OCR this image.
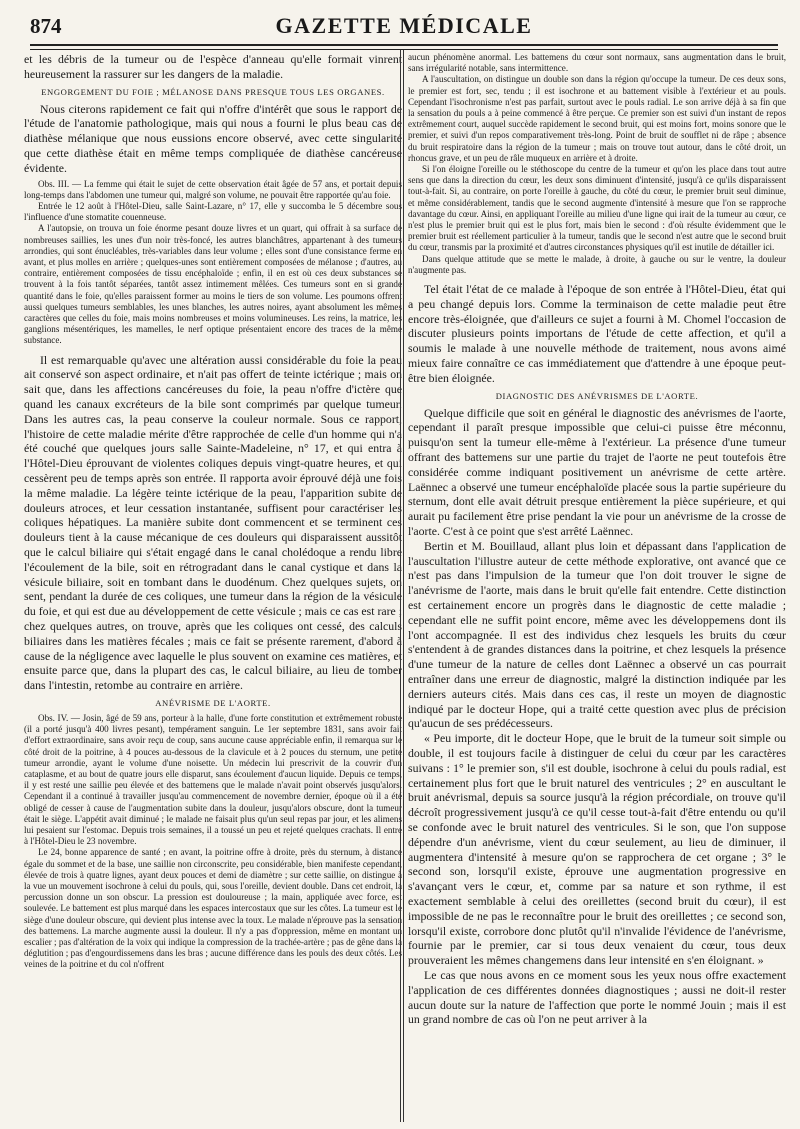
874	GAZETTE MÉDICALE

et les débris de la tumeur ou de l'espèce d'anneau qu'elle formait vinrent heureusement la rassurer sur les dangers de la maladie.

ENGORGEMENT DU FOIE ; MÉLANOSE DANS PRESQUE TOUS LES ORGANES.

Nous citerons rapidement ce fait qui n'offre d'intérêt que sous le rapport de l'étude de l'anatomie pathologique, mais qui nous a fourni le plus beau cas de diathèse mélanique que nous eussions encore observé, avec cette singularité que cette diathèse était en même temps compliquée de diathèse cancéreuse évidente.

Obs. III. — La femme qui était le sujet de cette observation était âgée de 57 ans, et portait depuis long-temps dans l'abdomen une tumeur qui, malgré son volume, ne pouvait être rapportée qu'au foie.

Entrée le 12 août à l'Hôtel-Dieu, salle Saint-Lazare, n° 17, elle y succomba le 5 décembre sous l'influence d'une stomatite couenneuse.

A l'autopsie, on trouva un foie énorme pesant douze livres et un quart, qui offrait à sa surface de nombreuses saillies, les unes d'un noir très-foncé, les autres blanchâtres, appartenant à des tumeurs arrondies, qui sont énucléables, très-variables dans leur volume ; elles sont d'une consistance ferme en avant, et plus molles en arrière ; quelques-unes sont entièrement composées de mélanose ; d'autres, au contraire, entièrement composées de tissu encéphaloïde ; enfin, il en est où ces deux substances se trouvent à la fois tantôt séparées, tantôt assez intimement mêlées. Ces tumeurs sont en si grande quantité dans le foie, qu'elles paraissent former au moins le tiers de son volume. Les poumons offrent aussi quelques tumeurs semblables, les unes blanches, les autres noires, ayant absolument les mêmes caractères que celles du foie, mais moins nombreuses et moins volumineuses. Les reins, la matrice, les ganglions mésentériques, les mamelles, le nerf optique présentaient encore des traces de la même substance.

Il est remarquable qu'avec une altération aussi considérable du foie la peau ait conservé son aspect ordinaire, et n'ait pas offert de teinte ictérique ; mais on sait que, dans les affections cancéreuses du foie, la peau n'offre d'ictère que quand les canaux excréteurs de la bile sont comprimés par quelque tumeur. Dans les autres cas, la peau conserve la couleur normale. Sous ce rapport, l'histoire de cette maladie mérite d'être rapprochée de celle d'un homme qui n'a été couché que quelques jours salle Sainte-Madeleine, n° 17, et qui entra à l'Hôtel-Dieu éprouvant de violentes coliques depuis vingt-quatre heures, et qui cessèrent peu de temps après son entrée. Il rapporta avoir éprouvé déjà une fois la même maladie. La légère teinte ictérique de la peau, l'apparition subite de douleurs atroces, et leur cessation instantanée, suffisent pour caractériser les coliques hépatiques. La manière subite dont commencent et se terminent ces douleurs tient à la cause mécanique de ces douleurs qui disparaissent aussitôt que le calcul biliaire qui s'était engagé dans le canal cholédoque a rendu libre l'écoulement de la bile, soit en rétrogradant dans le canal cystique et dans la vésicule biliaire, soit en tombant dans le duodénum. Chez quelques sujets, on sent, pendant la durée de ces coliques, une tumeur dans la région de la vésicule du foie, et qui est due au développement de cette vésicule ; mais ce cas est rare ; chez quelques autres, on trouve, après que les coliques ont cessé, des calculs biliaires dans les matières fécales ; mais ce fait se présente rarement, d'abord à cause de la négligence avec laquelle le plus souvent on examine ces matières, et ensuite parce que, dans la plupart des cas, le calcul biliaire, au lieu de tomber dans l'intestin, retombe au contraire en arrière.

ANÉVRISME DE L'AORTE.

Obs. IV. — Josin, âgé de 59 ans, porteur à la halle, d'une forte constitution et extrêmement robuste (il a porté jusqu'à 400 livres pesant), tempérament sanguin. Le 1er septembre 1831, sans avoir fait d'effort extraordinaire, sans avoir reçu de coup, sans aucune cause appréciable enfin, il remarqua sur le côté droit de la poitrine, à 4 pouces au-dessous de la clavicule et à 2 pouces du sternum, une petite tumeur arrondie, ayant le volume d'une noisette. Un médecin lui prescrivit de la couvrir d'un cataplasme, et au bout de quatre jours elle disparut, sans écoulement d'aucun liquide. Depuis ce temps, il y est resté une saillie peu élevée et des battemens que le malade n'avait point observés jusqu'alors. Cependant il a continué à travailler jusqu'au commencement de novembre dernier, époque où il a été obligé de cesser à cause de l'augmentation subite dans la douleur, jusqu'alors obscure, dont la tumeur était le siège. L'appétit avait diminué ; le malade ne faisait plus qu'un seul repas par jour, et les alimens lui pesaient sur l'estomac. Depuis trois semaines, il a toussé un peu et rejeté quelques crachats. Il entre à l'Hôtel-Dieu le 23 novembre.

Le 24, bonne apparence de santé ; en avant, la poitrine offre à droite, près du sternum, à distance égale du sommet et de la base, une saillie non circonscrite, peu considérable, bien manifeste cependant, élevée de trois à quatre lignes, ayant deux pouces et demi de diamètre ; sur cette saillie, on distingue à la vue un mouvement isochrone à celui du pouls, qui, sous l'oreille, devient double. Dans cet endroit, la percussion donne un son obscur. La pression est douloureuse ; la main, appliquée avec force, est soulevée. Le battement est plus marqué dans les espaces intercostaux que sur les côtes. La tumeur est le siège d'une douleur obscure, qui devient plus intense avec la toux. Le malade n'éprouve pas la sensation des battemens. La marche augmente aussi la douleur. Il n'y a pas d'oppression, même en montant un escalier ; pas d'altération de la voix qui indique la compression de la trachée-artère ; pas de gêne dans la déglutition ; pas d'engourdissemens dans les bras ; aucune différence dans les pouls des deux côtés. Les veines de la poitrine et du col n'offrent

aucun phénomène anormal. Les battemens du cœur sont normaux, sans augmentation dans le bruit, sans irrégularité notable, sans intermittence.

A l'auscultation, on distingue un double son dans la région qu'occupe la tumeur. De ces deux sons, le premier est fort, sec, tendu ; il est isochrone et au battement visible à l'extérieur et au pouls. Cependant l'isochronisme n'est pas parfait, surtout avec le pouls radial. Le son arrive déjà à sa fin que la sensation du pouls a à peine commencé à être perçue. Ce premier son est suivi d'un instant de repos extrêmement court, auquel succède rapidement le second bruit, qui est moins fort, moins sonore que le premier, et suivi d'un repos comparativement très-long. Point de bruit de soufflet ni de râpe ; absence du bruit respiratoire dans la région de la tumeur ; mais on trouve tout autour, dans le côté droit, un rhoncus grave, et un peu de râle muqueux en arrière et à droite.

Si l'on éloigne l'oreille ou le stéthoscope du centre de la tumeur et qu'on les place dans tout autre sens que dans la direction du cœur, les deux sons diminuent d'intensité, jusqu'à ce qu'ils disparaissent tout-à-fait. Si, au contraire, on porte l'oreille à gauche, du côté du cœur, le premier bruit seul diminue, et même considérablement, tandis que le second augmente d'intensité à mesure que l'on se rapproche davantage du cœur. Ainsi, en appliquant l'oreille au milieu d'une ligne qui irait de la tumeur au cœur, ce n'est plus le premier bruit qui est le plus fort, mais bien le second : d'où résulte évidemment que le premier bruit est réellement particulier à la tumeur, tandis que le second n'est autre que le second bruit du cœur, transmis par la proximité et d'autres circonstances physiques qu'il est inutile de détailler ici.

Dans quelque attitude que se mette le malade, à droite, à gauche ou sur le ventre, la douleur n'augmente pas.

Tel était l'état de ce malade à l'époque de son entrée à l'Hôtel-Dieu, état qui a peu changé depuis lors. Comme la terminaison de cette maladie peut être encore très-éloignée, que d'ailleurs ce sujet a fourni à M. Chomel l'occasion de discuter plusieurs points importans de l'étude de cette affection, et qu'il a soumis le malade à une nouvelle méthode de traitement, nous avons aimé mieux faire connaître ce cas immédiatement que d'attendre à une époque peut-être bien éloignée.

DIAGNOSTIC DES ANÉVRISMES DE L'AORTE.

Quelque difficile que soit en général le diagnostic des anévrismes de l'aorte, cependant il paraît presque impossible que celui-ci puisse être méconnu, puisqu'on sent la tumeur elle-même à l'extérieur. La présence d'une tumeur offrant des battemens sur une partie du trajet de l'aorte ne peut toutefois être considérée comme indiquant positivement un anévrisme de cette artère. Laënnec a observé une tumeur encéphaloïde placée sous la partie supérieure du sternum, dont elle avait détruit presque entièrement la pièce supérieure, et qui aurait pu facilement être prise pendant la vie pour un anévrisme de la crosse de l'aorte. C'est à ce point que s'est arrêté Laënnec.

Bertin et M. Bouillaud, allant plus loin et dépassant dans l'application de l'auscultation l'illustre auteur de cette méthode explorative, ont avancé que ce n'est pas dans l'impulsion de la tumeur que l'on doit trouver le signe de l'anévrisme de l'aorte, mais dans le bruit qu'elle fait entendre. Cette distinction est certainement encore un progrès dans le diagnostic de cette maladie ; cependant elle ne suffit point encore, même avec les développemens dont ils l'ont accompagnée. Il est des individus chez lesquels les bruits du cœur s'entendent à de grandes distances dans la poitrine, et chez lesquels la présence d'une tumeur de la nature de celles dont Laënnec a observé un cas pourrait entraîner dans une erreur de diagnostic, malgré la distinction indiquée par les derniers auteurs cités. Mais dans ces cas, il reste un moyen de diagnostic indiqué par le docteur Hope, qui a traité cette question avec plus de précision qu'aucun de ses prédécesseurs.

« Peu importe, dit le docteur Hope, que le bruit de la tumeur soit simple ou double, il est toujours facile à distinguer de celui du cœur par les caractères suivans : 1° le premier son, s'il est double, isochrone à celui du pouls radial, est certainement plus fort que le bruit naturel des ventricules ; 2° en auscultant le bruit anévrismal, depuis sa source jusqu'à la région précordiale, on trouve qu'il décroît progressivement jusqu'à ce qu'il cesse tout-à-fait d'être entendu ou qu'il se confonde avec le bruit naturel des ventricules. Si le son, que l'on suppose dépendre d'un anévrisme, vient du cœur seulement, au lieu de diminuer, il augmentera d'intensité à mesure qu'on se rapprochera de cet organe ; 3° le second son, lorsqu'il existe, éprouve une augmentation progressive en s'avançant vers le cœur, et, comme par sa nature et son rythme, il est exactement semblable à celui des oreillettes (second bruit du cœur), il est impossible de ne pas le reconnaître pour le bruit des oreillettes ; ce second son, lorsqu'il existe, corrobore donc plutôt qu'il n'invalide l'évidence de l'anévrisme, fournie par le premier, car si tous deux venaient du cœur, tous deux prouveraient les mêmes changemens dans leur intensité en s'en éloignant. »

Le cas que nous avons en ce moment sous les yeux nous offre exactement l'application de ces différentes données diagnostiques ; aussi ne doit-il rester aucun doute sur la nature de l'affection que porte le nommé Jouin ; mais il est un grand nombre de cas où l'on ne peut arriver à la
